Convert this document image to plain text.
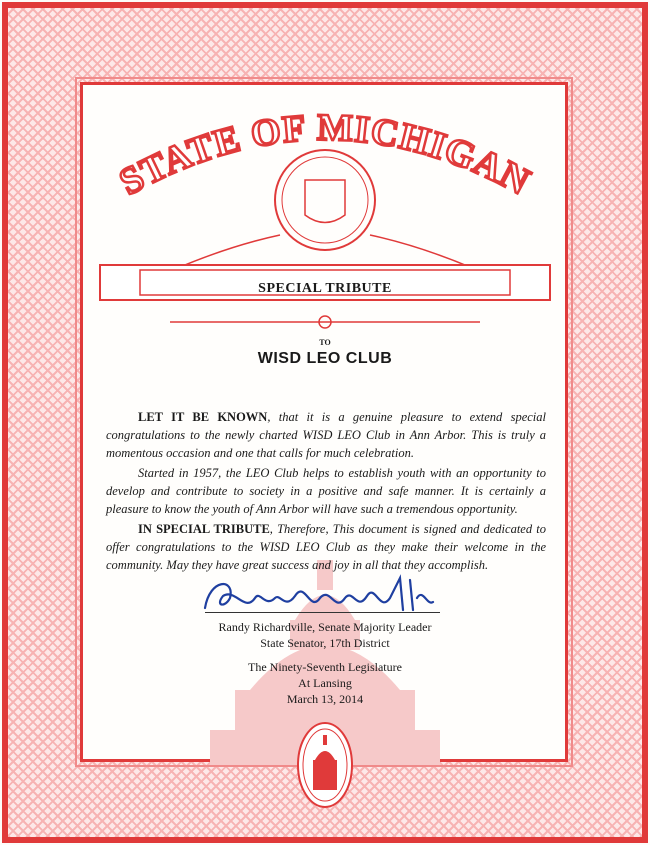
STATE OF MICHIGAN
SPECIAL TRIBUTE
TO
WISD LEO CLUB

LET IT BE KNOWN, that it is a genuine pleasure to extend special congratulations to the newly charted WISD LEO Club in Ann Arbor. This is truly a momentous occasion and one that calls for much celebration.

Started in 1957, the LEO Club helps to establish youth with an opportunity to develop and contribute to society in a positive and safe manner. It is certainly a pleasure to know the youth of Ann Arbor will have such a tremendous opportunity.

IN SPECIAL TRIBUTE, Therefore, This document is signed and dedicated to offer congratulations to the WISD LEO Club as they make their welcome in the community. May they have great success and joy in all that they accomplish.

Randy Richardville, Senate Majority Leader
State Senator, 17th District
The Ninety-Seventh Legislature
At Lansing
March 13, 2014
